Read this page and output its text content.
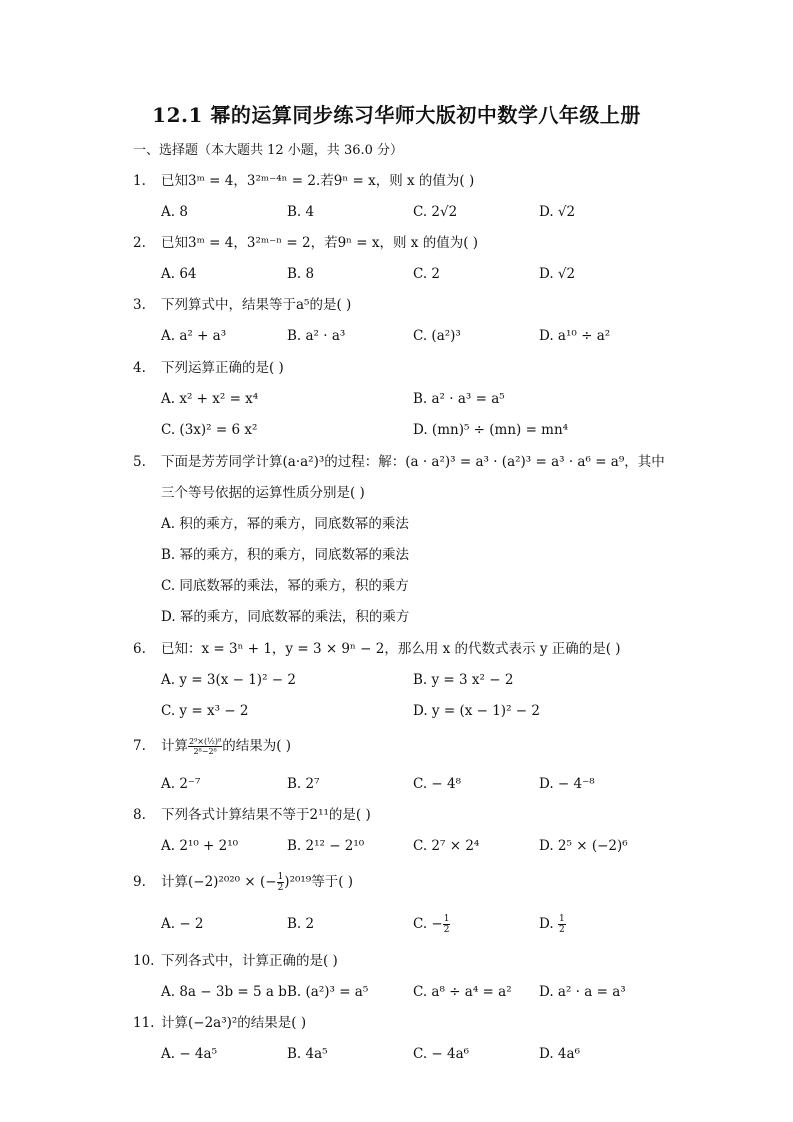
12.1 幂的运算同步练习华师大版初中数学八年级上册
一、选择题（本大题共 12 小题，共 36.0 分）
1. 已知3ᵐ = 4，3²ᵐ⁻⁴ⁿ = 2.若9ⁿ = x，则 x 的值为( )
A. 8	B. 4	C. 2√2	D. √2
2. 已知3ᵐ = 4，3²ᵐ⁻ⁿ = 2，若9ⁿ = x，则 x 的值为( )
A. 64	B. 8	C. 2	D. √2
3. 下列算式中，结果等于a⁵的是( )
A. a² + a³	B. a² · a³	C. (a²)³	D. a¹⁰ ÷ a²
4. 下列运算正确的是( )
A. x² + x² = x⁴	B. a² · a³ = a⁵
C. (3x)² = 6 x²	D. (mn)⁵ ÷ (mn) = mn⁴
5. 下面是芳芳同学计算(a·a²)³的过程：解：(a · a²)³ = a³ · (a²)³ = a³ · a⁶ = a⁹，其中
三个等号依据的运算性质分别是( )
A. 积的乘方，幂的乘方，同底数幂的乘法
B. 幂的乘方，积的乘方，同底数幂的乘法
C. 同底数幂的乘法，幂的乘方，积的乘方
D. 幂的乘方，同底数幂的乘法，积的乘方
6. 已知：x = 3ⁿ + 1，y = 3 × 9ⁿ − 2，那么用 x 的代数式表示 y 正确的是( )
A. y = 3(x − 1)² − 2	B. y = 3 x² − 2
C. y = x³ − 2	D. y = (x − 1)² − 2
7. 计算 $\frac{\text{2⁹×(½)⁸}}{\text{2⁸−2⁸}}$ 的结果为( )
A. 2⁻⁷	B. 2⁷	C. − 4⁸	D. − 4⁻⁸
8. 下列各式计算结果不等于2¹¹的是( )
A. 2¹⁰ + 2¹⁰	B. 2¹² − 2¹⁰	C. 2⁷ × 2⁴	D. 2⁵ × (−2)⁶
9. 计算(−2)²⁰²⁰ × (− $\frac{1}{2} )^{2019}$等于( )
A. − 2	B. 2	C. − $\frac{1}{2}$	D. $\frac{1}{2}$
10. 下列各式中，计算正确的是( )
A. 8a − 3b = 5 a b B. (a²)³ = a⁵	C. a⁸ ÷ a⁴ = a² D. a² · a = a³
11. 计算(−2a³)²的结果是( )
A. − 4a⁵	B. 4a⁵	C. − 4a⁶	D. 4a⁶
